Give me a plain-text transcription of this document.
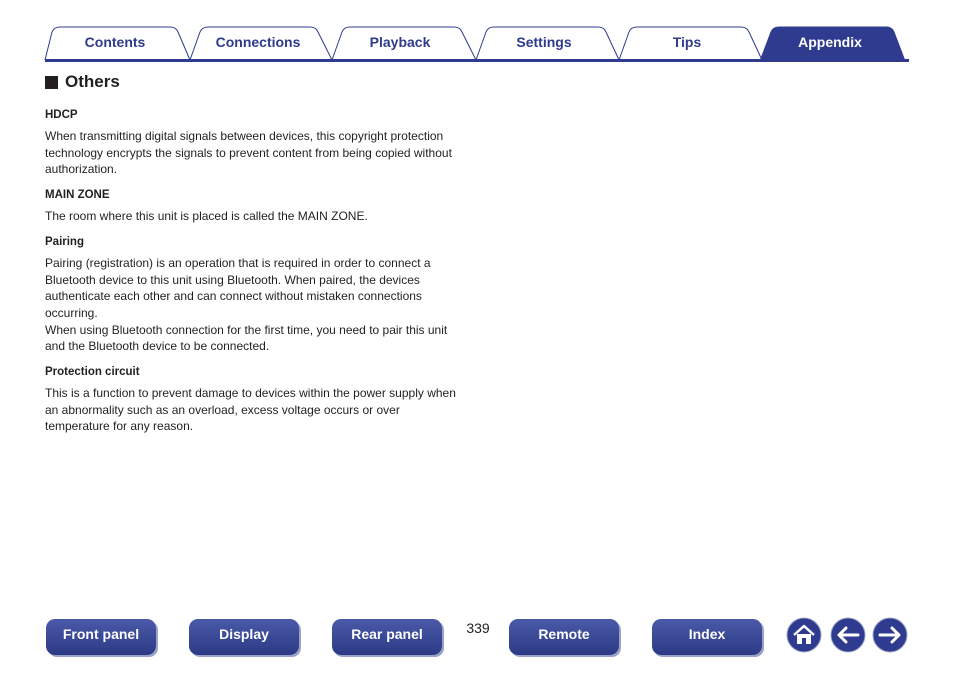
Contents	Connections	Playback	Settings	Tips	Appendix
Others

HDCP

When transmitting digital signals between devices, this copyright protection technology encrypts the signals to prevent content from being copied without authorization.

MAIN ZONE

The room where this unit is placed is called the MAIN ZONE.

Pairing

Pairing (registration) is an operation that is required in order to connect a Bluetooth device to this unit using Bluetooth. When paired, the devices authenticate each other and can connect without mistaken connections occurring.
When using Bluetooth connection for the first time, you need to pair this unit and the Bluetooth device to be connected.

Protection circuit

This is a function to prevent damage to devices within the power supply when an abnormality such as an overload, excess voltage occurs or over temperature for any reason.

Front panel	Display	Rear panel	339	Remote	Index
